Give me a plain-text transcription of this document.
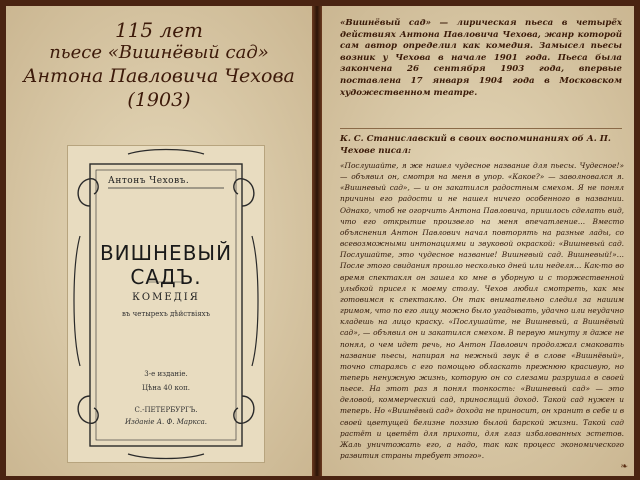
115 лет
пьесе «Вишнёвый сад»
Антона Павловича Чехова
(1903)
Антонъ Чеховъ.
ВИШНЕВЫЙ САДЪ.
КОМЕДІЯ
въ четырехъ дѣйствіяхъ
3-е изданіе.
Цѣна 40 коп.
С.-ПЕТЕРБУРГЪ.
Изданіе А. Ф. Маркса.
«Вишнёвый сад» — лирическая пьеса в четырёх действиях Антона Павловича Чехова, жанр которой сам автор определил как комедия. Замысел пьесы возник у Чехова в начале 1901 года. Пьеса была закончена 26 сентября 1903 года, впервые поставлена 17 января 1904 года в Московском художественном театре.
К. С. Станиславский в своих воспоминаниях об А. П. Чехове писал:
«Послушайте, я же нашел чудесное название для пьесы. Чудесное!» — объявил он, смотря на меня в упор. «Какое?» — заволновался я. «Вишневый сад», — и он закатился радостным смехом. Я не понял причины его радости и не нашел ничего особенного в названии. Однако, чтоб не огорчить Антона Павловича, пришлось сделать вид, что его открытие произвело на меня впечатление… Вместо объяснения Антон Павлович начал повторять на разные лады, со всевозможными интонациями и звуковой окраской: «Вишневый сад. Послушайте, это чудесное название! Вишневый сад. Вишневый!»… После этого свидания прошло несколько дней или неделя… Как-то во время спектакля он зашел ко мне в уборную и с торжественной улыбкой присел к моему столу. Чехов любил смотреть, как мы готовимся к спектаклю. Он так внимательно следил за нашим гримом, что по его лицу можно было угадывать, удачно или неудачно кладешь на лицо краску. «Послушайте, не Вишневый, а Вишнёвый сад», — объявил он и закатился смехом. В первую минуту я даже не понял, о чем идет речь, но Антон Павлович продолжал смаковать название пьесы, напирая на нежный звук ё в слове «Вишнёвый», точно стараясь с его помощью обласкать прежнюю красивую, но теперь ненужную жизнь, которую он со слезами разрушал в своей пьесе. На этот раз я понял тонкость: «Вишневый сад» — это деловой, коммерческий сад, приносящий доход. Такой сад нужен и теперь. Но «Вишнёвый сад» дохода не приносит, он хранит в себе и в своей цветущей белизне поэзию былой барской жизни. Такой сад растёт и цветёт для прихоти, для глаз избалованных эстетов. Жаль уничтожать его, а надо, так как процесс экономического развития страны требует этого».
❧
